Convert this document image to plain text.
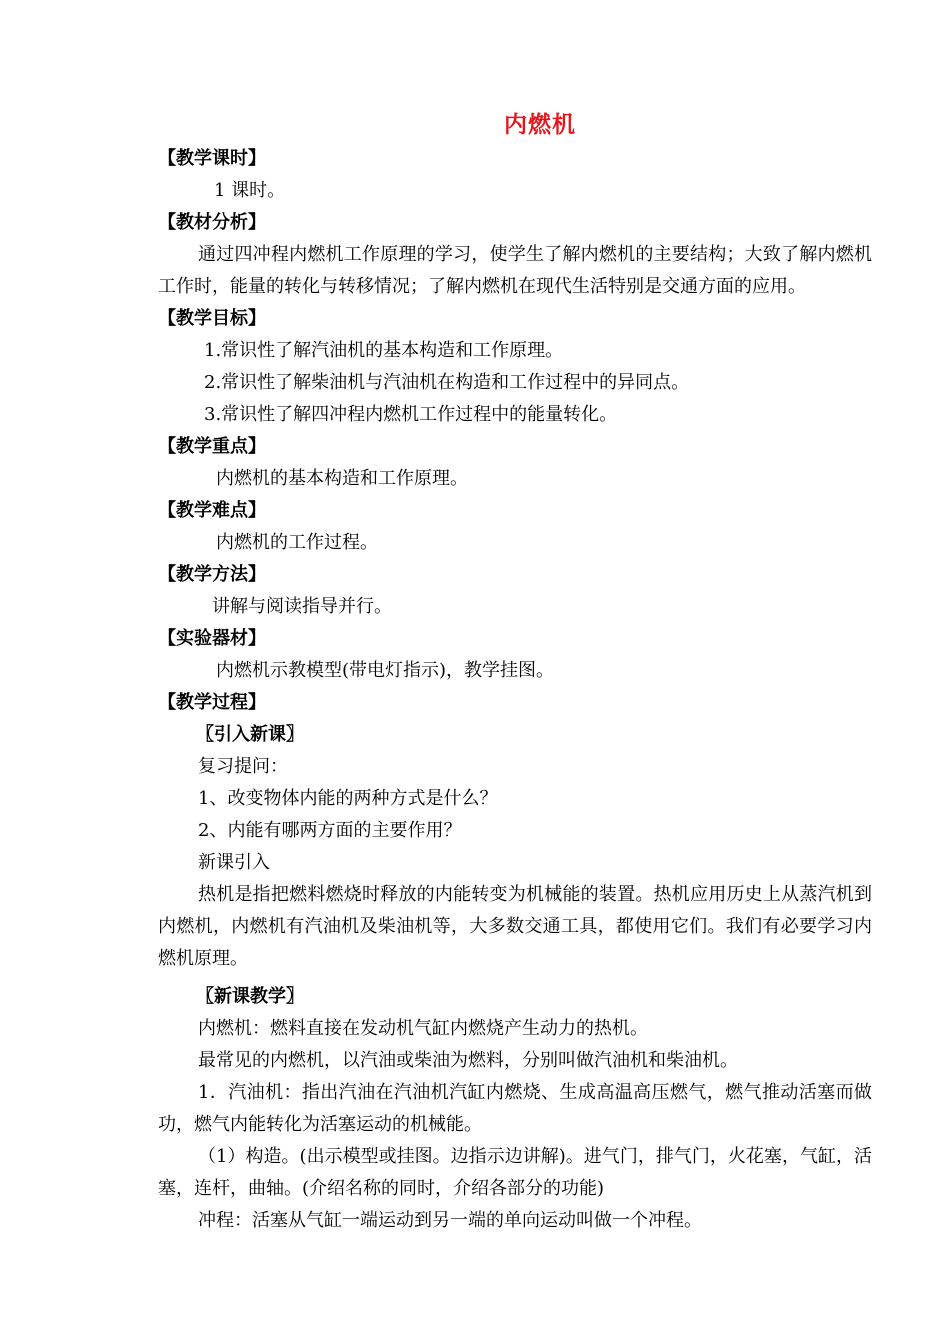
内燃机
【教学课时】
1 课时。
【教材分析】

通过四冲程内燃机工作原理的学习，使学生了解内燃机的主要结构；大致了解内燃机工作时，能量的转化与转移情况；了解内燃机在现代生活特别是交通方面的应用。

【教学目标】
1.常识性了解汽油机的基本构造和工作原理。
2.常识性了解柴油机与汽油机在构造和工作过程中的异同点。
3.常识性了解四冲程内燃机工作过程中的能量转化。
【教学重点】
内燃机的基本构造和工作原理。
【教学难点】
内燃机的工作过程。
【教学方法】
讲解与阅读指导并行。
【实验器材】
内燃机示教模型(带电灯指示)，教学挂图。
【教学过程】
〖引入新课〗
复习提问：
1、改变物体内能的两种方式是什么？
2、内能有哪两方面的主要作用？
新课引入

热机是指把燃料燃烧时释放的内能转变为机械能的装置。热机应用历史上从蒸汽机到内燃机，内燃机有汽油机及柴油机等，大多数交通工具，都使用它们。我们有必要学习内燃机原理。

〖新课教学〗
内燃机：燃料直接在发动机气缸内燃烧产生动力的热机。
最常见的内燃机，以汽油或柴油为燃料，分别叫做汽油机和柴油机。

1．汽油机：指出汽油在汽油机汽缸内燃烧、生成高温高压燃气，燃气推动活塞而做功，燃气内能转化为活塞运动的机械能。

（1）构造。(出示模型或挂图。边指示边讲解)。进气门，排气门，火花塞，气缸，活塞，连杆，曲轴。(介绍名称的同时，介绍各部分的功能)

冲程：活塞从气缸一端运动到另一端的单向运动叫做一个冲程。
